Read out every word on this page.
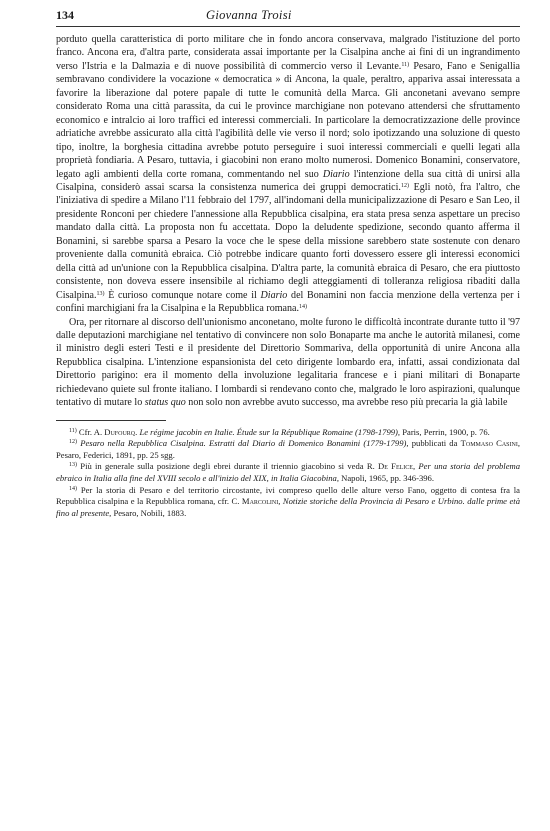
134	Giovanna Troisi

porduto quella caratteristica di porto militare che in fondo ancora conservava, malgrado l'istituzione del porto franco. Ancona era, d'altra parte, considerata assai importante per la Cisalpina anche ai fini di un ingrandimento verso l'Istria e la Dalmazia e di nuove possibilità di commercio verso il Levante.$^{11)}$ Pesaro, Fano e Senigallia sembravano condividere la vocazione « democratica » di Ancona, la quale, peraltro, appariva assai interessata a favorire la liberazione dal potere papale di tutte le comunità della Marca. Gli anconetani avevano sempre considerato Roma una città parassita, da cui le province marchigiane non potevano attendersi che sfruttamento economico e intralcio ai loro traffici ed interessi commerciali. In particolare la democratizzazione delle province adriatiche avrebbe assicurato alla città l'agibilità delle vie verso il nord; solo ipotizzando una soluzione di questo tipo, inoltre, la borghesia cittadina avrebbe potuto perseguire i suoi interessi commerciali e quelli legati alla proprietà fondiaria. A Pesaro, tuttavia, i giacobini non erano molto numerosi. Domenico Bonamini, conservatore, legato agli ambienti della corte romana, commentando nel suo Diario l'intenzione della sua città di unirsi alla Cisalpina, considerò assai scarsa la consistenza numerica dei gruppi democratici.$^{12)}$ Egli notò, fra l'altro, che l'iniziativa di spedire a Milano l'11 febbraio del 1797, all'indomani della municipalizzazione di Pesaro e San Leo, il presidente Ronconi per chiedere l'annessione alla Repubblica cisalpina, era stata presa senza aspettare un preciso mandato dalla città. La proposta non fu accettata. Dopo la deludente spedizione, secondo quanto afferma il Bonamini, si sarebbe sparsa a Pesaro la voce che le spese della missione sarebbero state sostenute con denaro proveniente dalla comunità ebraica. Ciò potrebbe indicare quanto forti dovessero essere gli interessi economici della città ad un'unione con la Repubblica cisalpina. D'altra parte, la comunità ebraica di Pesaro, che era piuttosto consistente, non doveva essere insensibile al richiamo degli atteggiamenti di tolleranza religiosa ribaditi dalla Cisalpina.$^{13)}$ È curioso comunque notare come il Diario del Bonamini non faccia menzione della vertenza per i confini marchigiani fra la Cisalpina e la Repubblica romana.$^{14)}$

Ora, per ritornare al discorso dell'unionismo anconetano, molte furono le difficoltà incontrate durante tutto il '97 dalle deputazioni marchigiane nel tentativo di convincere non solo Bonaparte ma anche le autorità milanesi, come il ministro degli esteri Testi e il presidente del Direttorio Sommariva, della opportunità di unire Ancona alla Repubblica cisalpina. L'intenzione espansionista del ceto dirigente lombardo era, infatti, assai condizionata dal Direttorio parigino: era il momento della involuzione legalitaria francese e i piani militari di Bonaparte richiedevano quiete sul fronte italiano. I lombardi si rendevano conto che, malgrado le loro aspirazioni, qualunque tentativo di mutare lo status quo non solo non avrebbe avuto successo, ma avrebbe reso più precaria la già labile

$^{11)}$ Cfr. A. Dufourq. Le régime jacobin en Italie. Étude sur la République Romaine (1798-1799), Paris, Perrin, 1900, p. 76.

$^{12)}$ Pesaro nella Repubblica Cisalpina. Estratti dal Diario di Domenico Bonamini (1779-1799), pubblicati da Tommaso Casini, Pesaro, Federici, 1891, pp. 25 sgg.

$^{13)}$ Più in generale sulla posizione degli ebrei durante il triennio giacobino si veda R. De Felice, Per una storia del problema ebraico in Italia alla fine del XVIII secolo e all'inizio del XIX, in Italia Giacobina, Napoli, 1965, pp. 346-396.

$^{14)}$ Per la storia di Pesaro e del territorio circostante, ivi compreso quello delle alture verso Fano, oggetto di contesa fra la Repubblica cisalpina e la Repubblica romana, cfr. C. Marcolini, Notizie storiche della Provincia di Pesaro e Urbino. dalle prime età fino al presente, Pesaro, Nobili, 1883.
